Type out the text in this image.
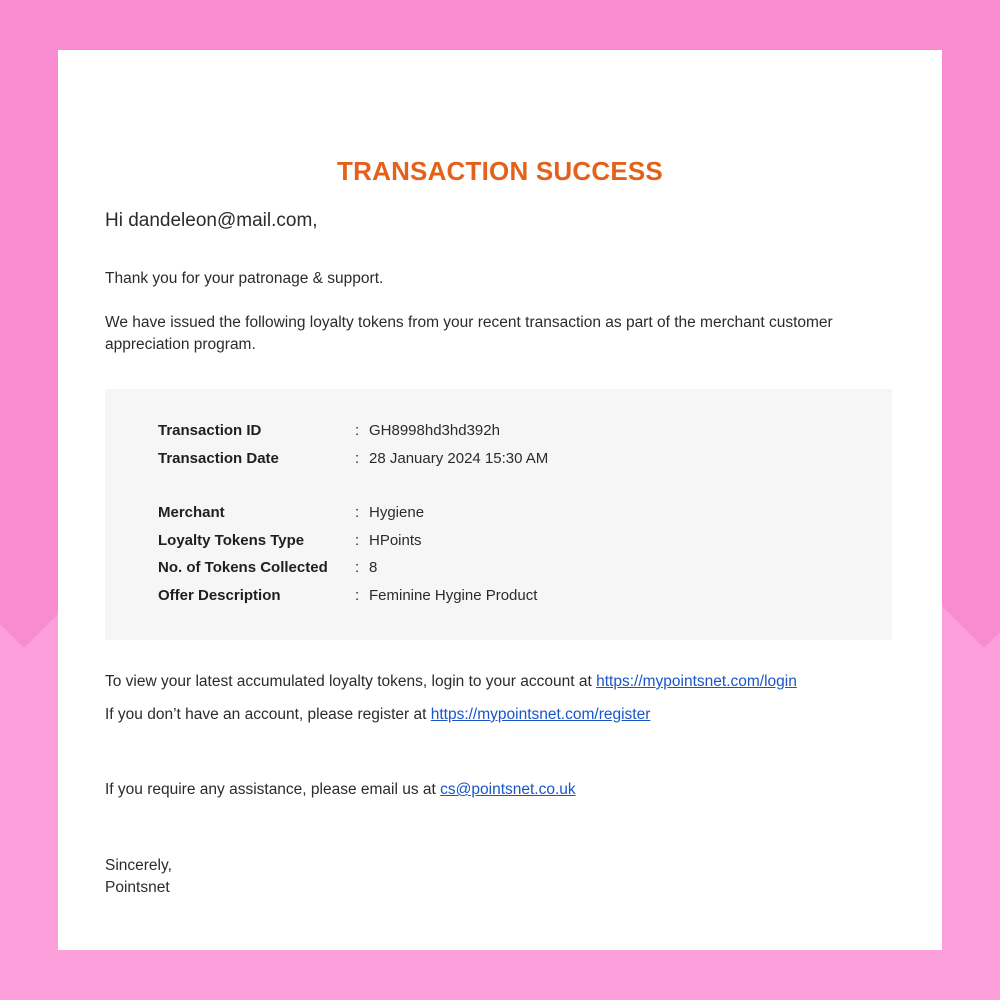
TRANSACTION SUCCESS

Hi dandeleon@mail.com,

Thank you for your patronage & support.

We have issued the following loyalty tokens from your recent transaction as part of the merchant customer appreciation program.

Transaction ID	: GH8998hd3hd392h
Transaction Date	: 28 January 2024 15:30 AM
Merchant	: Hygiene
Loyalty Tokens Type	: HPoints
No. of Tokens Collected : 8
Offer Description	: Feminine Hygine Product

To view your latest accumulated loyalty tokens, login to your account at https://mypointsnet.com/login

If you don’t have an account, please register at https://mypointsnet.com/register

If you require any assistance, please email us at cs@pointsnet.co.uk

Sincerely,

Pointsnet
